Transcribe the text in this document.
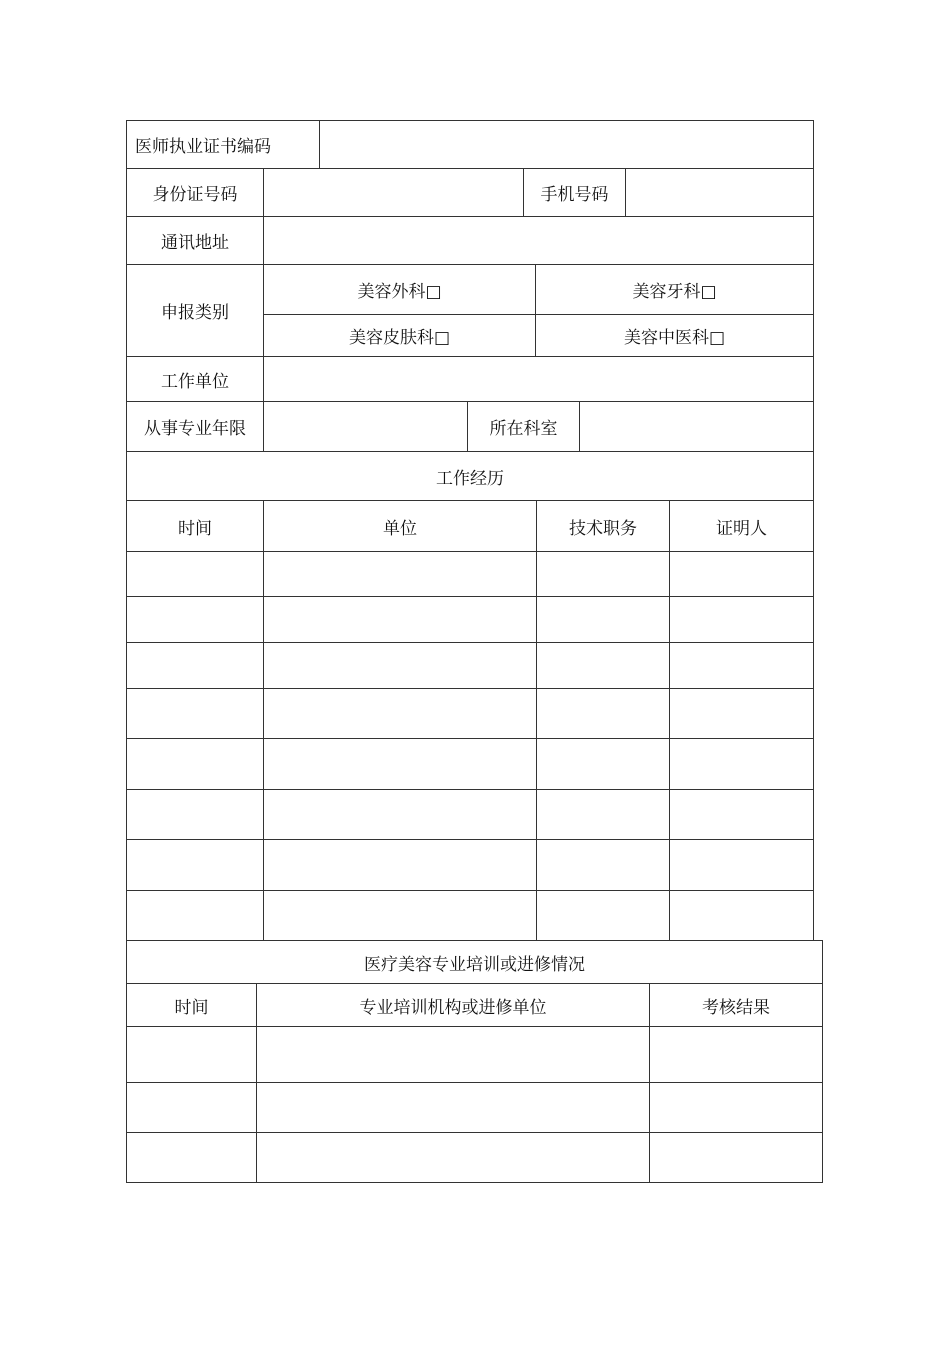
医师执业证书编码
身份证号码	手机号码
通讯地址
申报类别
美容外科□	美容牙科□
美容皮肤科□	美容中医科□
工作单位
从事专业年限	所在科室
工作经历
时间	单位	技术职务	证明人
医疗美容专业培训或进修情况
时间	专业培训机构或进修单位	考核结果
